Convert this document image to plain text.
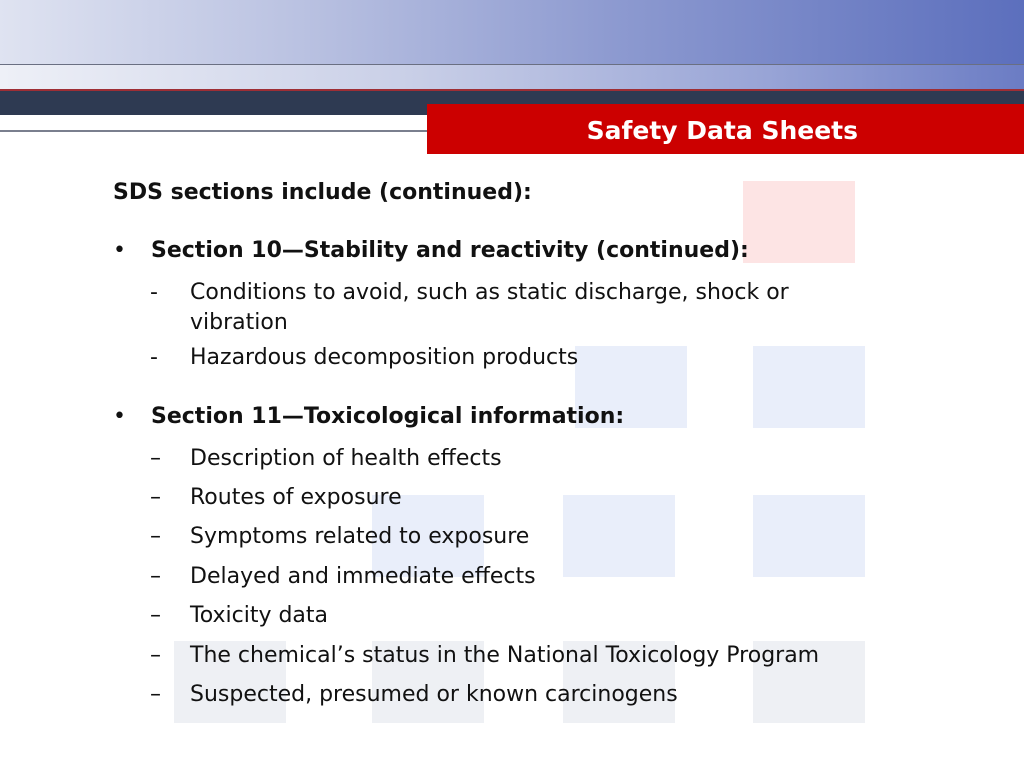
Safety Data Sheets
SDS sections include (continued):
• Section 10—Stability and reactivity (continued):
-	Conditions to avoid, such as static discharge, shock or vibration
-	Hazardous decomposition products
• Section 11—Toxicological information:
–	Description of health effects
–	Routes of exposure
–	Symptoms related to exposure
–	Delayed and immediate effects
–	Toxicity data
–	The chemical’s status in the National Toxicology Program
–	Suspected, presumed or known carcinogens
